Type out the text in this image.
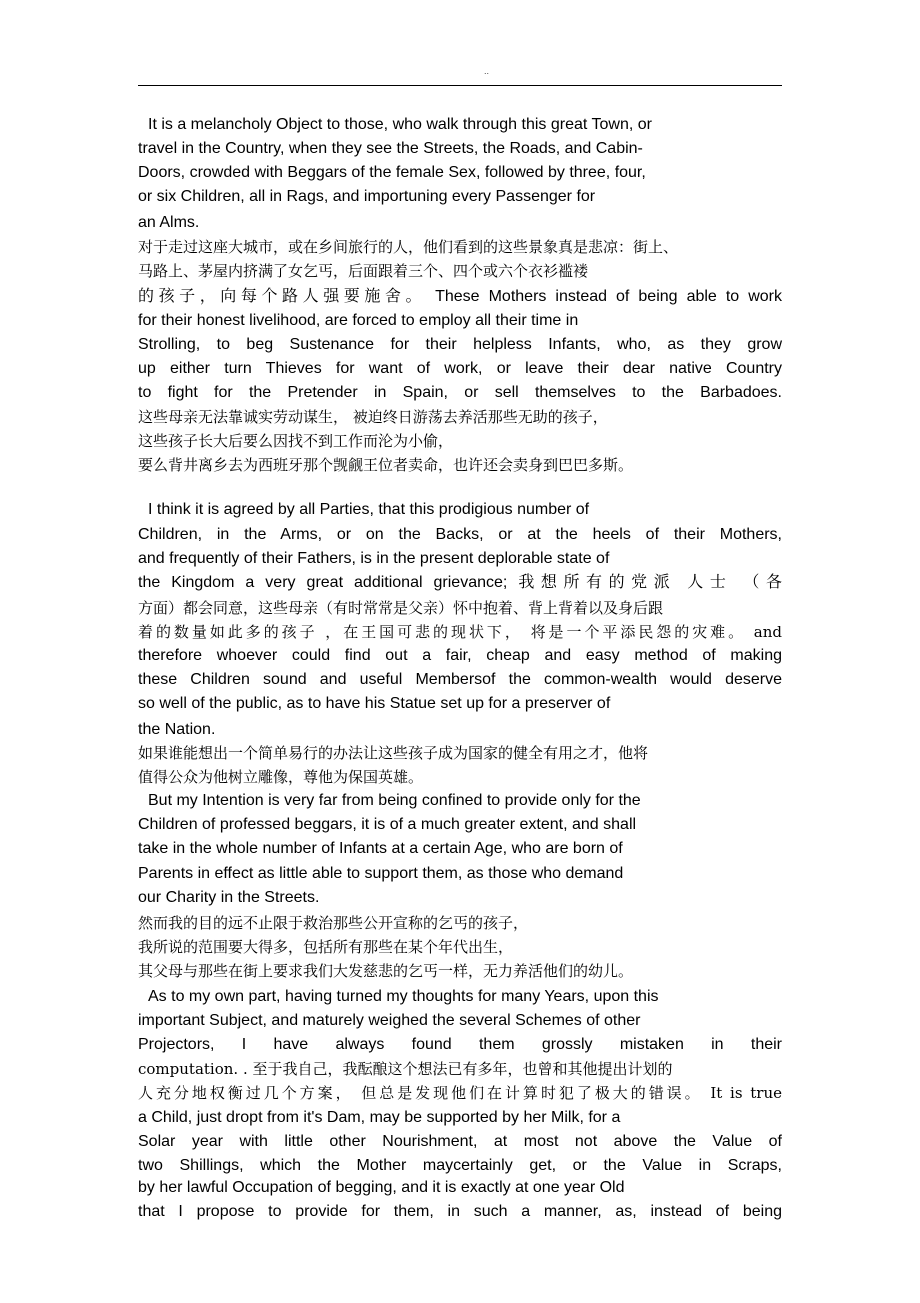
..
It is a melancholy Object to those, who walk through this great Town, or
travel in the Country, when they see the Streets, the Roads, and Cabin-
Doors, crowded with Beggars of the female Sex, followed by three, four,
or six Children, all in Rags, and importuning every Passenger for
an Alms.
对于走过这座大城市，或在乡间旅行的人，他们看到的这些景象真是悲凉：街上、
马路上、茅屋内挤满了女乞丐，后面跟着三个、四个或六个衣衫褴褛
的孩子，向每个路人强要施舍。 These Mothers instead of being able to work
for their honest livelihood, are forced to employ all their time in
Strolling, to beg Sustenance for their helpless Infants, who, as they grow
up either turn Thieves for want of work, or leave their dear native Country
to fight for the Pretender in Spain, or sell themselves to the Barbadoes.
这些母亲无法靠诚实劳动谋生， 被迫终日游荡去养活那些无助的孩子，
这些孩子长大后要么因找不到工作而沦为小偷，
要么背井离乡去为西班牙那个觊觎王位者卖命，也许还会卖身到巴巴多斯。
I think it is agreed by all Parties, that this prodigious number of
Children, in the Arms, or on the Backs, or at the heels of their Mothers,
and frequently of their Fathers, is in the present deplorable state of
the Kingdom a very great additional grievance; 我想所有的党派 人士 （各
方面）都会同意，这些母亲（有时常常是父亲）怀中抱着、背上背着以及身后跟
着的数量如此多的孩子 ，在王国可悲的现状下， 将是一个平添民怨的灾难。 and
therefore whoever could find out a fair, cheap and easy method of making
these Children sound and useful Membersof the common-wealth would deserve
so well of the public, as to have his Statue set up for a preserver of
the Nation.
如果谁能想出一个简单易行的办法让这些孩子成为国家的健全有用之才，他将
值得公众为他树立雕像，尊他为保国英雄。
But my Intention is very far from being confined to provide only for the
Children of professed beggars, it is of a much greater extent, and shall
take in the whole number of Infants at a certain Age, who are born of
Parents in effect as little able to support them, as those who demand
our Charity in the Streets.
然而我的目的远不止限于救治那些公开宣称的乞丐的孩子，
我所说的范围要大得多，包括所有那些在某个年代出生，
其父母与那些在街上要求我们大发慈悲的乞丐一样，无力养活他们的幼儿。
As to my own part, having turned my thoughts for many Years, upon this
important Subject, and maturely weighed the several Schemes of other
Projectors, I have always found them grossly mistaken in their
computation. . 至于我自己，我酝酿这个想法已有多年，也曾和其他提出计划的
人充分地权衡过几个方案， 但总是发现他们在计算时犯了极大的错误。 It is true
a Child, just dropt from it's Dam, may be supported by her Milk, for a
Solar year with little other Nourishment, at most not above the Value of
two Shillings, which the Mother maycertainly get, or the Value in Scraps,
by her lawful Occupation of begging, and it is exactly at one year Old
that I propose to provide for them, in such a manner, as, instead of being
